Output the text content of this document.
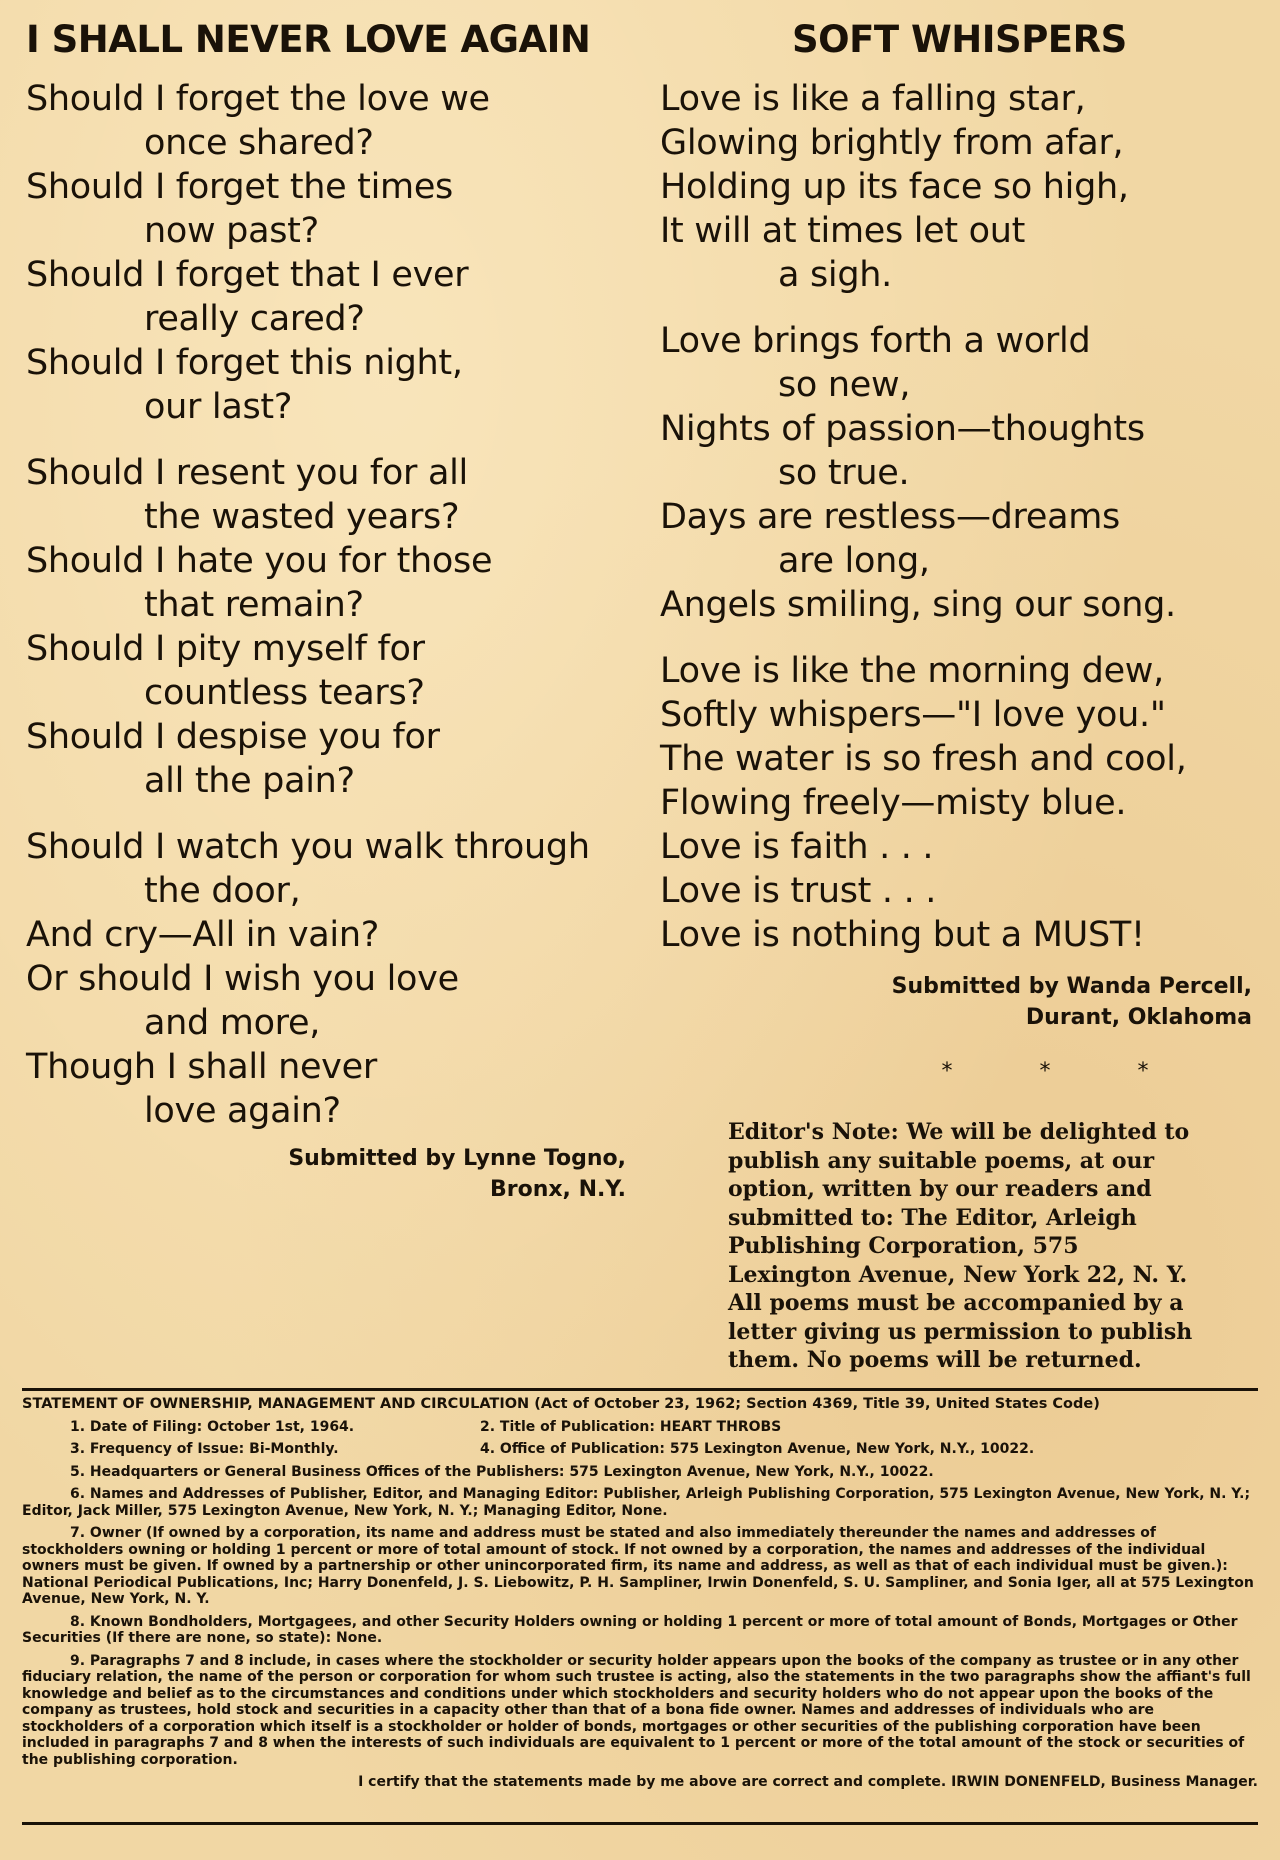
I SHALL NEVER LOVE AGAIN
Should I forget the love we
once shared?
Should I forget the times
now past?
Should I forget that I ever
really cared?
Should I forget this night,
our last?
Should I resent you for all
the wasted years?
Should I hate you for those
that remain?
Should I pity myself for
countless tears?
Should I despise you for
all the pain?
Should I watch you walk through
the door,
And cry—All in vain?
Or should I wish you love
and more,
Though I shall never
love again?
Submitted by Lynne Togno,
Bronx, N.Y.
SOFT WHISPERS
Love is like a falling star,
Glowing brightly from afar,
Holding up its face so high,
It will at times let out
a sigh.
Love brings forth a world
so new,
Nights of passion—thoughts
so true.
Days are restless—dreams
are long,
Angels smiling, sing our song.
Love is like the morning dew,
Softly whispers—"I love you."
The water is so fresh and cool,
Flowing freely—misty blue.
Love is faith . . .
Love is trust . . .
Love is nothing but a MUST!
Submitted by Wanda Percell,
Durant, Oklahoma
* * *
Editor's Note: We will be delighted to publish any suitable poems, at our option, written by our readers and submitted to: The Editor, Arleigh Publishing Corporation, 575 Lexington Avenue, New York 22, N. Y. All poems must be accompanied by a letter giving us permission to publish them. No poems will be returned.

STATEMENT OF OWNERSHIP, MANAGEMENT AND CIRCULATION (Act of October 23, 1962; Section 4369, Title 39, United States Code)

1. Date of Filing: October 1st, 1964.	2. Title of Publication: HEART THROBS
3. Frequency of Issue: Bi-Monthly.	4. Office of Publication: 575 Lexington Avenue, New York, N.Y., 10022.

5. Headquarters or General Business Offices of the Publishers: 575 Lexington Avenue, New York, N.Y., 10022.

6. Names and Addresses of Publisher, Editor, and Managing Editor: Publisher, Arleigh Publishing Corporation, 575 Lexington Avenue, New York, N. Y.; Editor, Jack Miller, 575 Lexington Avenue, New York, N. Y.; Managing Editor, None.

7. Owner (If owned by a corporation, its name and address must be stated and also immediately thereunder the names and addresses of stockholders owning or holding 1 percent or more of total amount of stock. If not owned by a corporation, the names and addresses of the individual owners must be given. If owned by a partnership or other unincorporated firm, its name and address, as well as that of each individual must be given.): National Periodical Publications, Inc; Harry Donenfeld, J. S. Liebowitz, P. H. Sampliner, Irwin Donenfeld, S. U. Sampliner, and Sonia Iger, all at 575 Lexington Avenue, New York, N. Y.

8. Known Bondholders, Mortgagees, and other Security Holders owning or holding 1 percent or more of total amount of Bonds, Mortgages or Other Securities (If there are none, so state): None.

9. Paragraphs 7 and 8 include, in cases where the stockholder or security holder appears upon the books of the company as trustee or in any other fiduciary relation, the name of the person or corporation for whom such trustee is acting, also the statements in the two paragraphs show the affiant's full knowledge and belief as to the circumstances and conditions under which stockholders and security holders who do not appear upon the books of the company as trustees, hold stock and securities in a capacity other than that of a bona fide owner. Names and addresses of individuals who are stockholders of a corporation which itself is a stockholder or holder of bonds, mortgages or other securities of the publishing corporation have been included in paragraphs 7 and 8 when the interests of such individuals are equivalent to 1 percent or more of the total amount of the stock or securities of the publishing corporation.

I certify that the statements made by me above are correct and complete. IRWIN DONENFELD, Business Manager.
